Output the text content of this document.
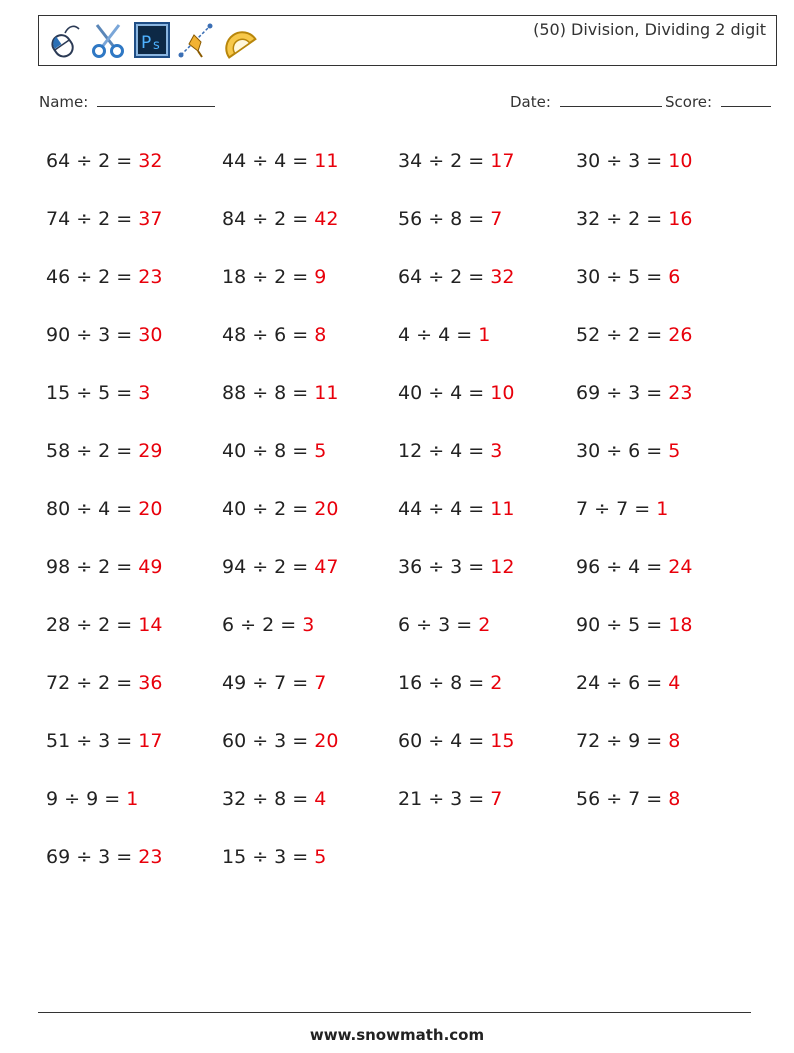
P s
(50) Division, Dividing 2 digit
Name:	Date:	Score:
64 ÷ 2 = 32	44 ÷ 4 = 11	34 ÷ 2 = 17	30 ÷ 3 = 10
74 ÷ 2 = 37	84 ÷ 2 = 42	56 ÷ 8 = 7	32 ÷ 2 = 16
46 ÷ 2 = 23	18 ÷ 2 = 9	64 ÷ 2 = 32	30 ÷ 5 = 6
90 ÷ 3 = 30	48 ÷ 6 = 8	4 ÷ 4 = 1	52 ÷ 2 = 26
15 ÷ 5 = 3	88 ÷ 8 = 11	40 ÷ 4 = 10	69 ÷ 3 = 23
58 ÷ 2 = 29	40 ÷ 8 = 5	12 ÷ 4 = 3	30 ÷ 6 = 5
80 ÷ 4 = 20	40 ÷ 2 = 20	44 ÷ 4 = 11	7 ÷ 7 = 1
98 ÷ 2 = 49	94 ÷ 2 = 47	36 ÷ 3 = 12	96 ÷ 4 = 24
28 ÷ 2 = 14	6 ÷ 2 = 3	6 ÷ 3 = 2	90 ÷ 5 = 18
72 ÷ 2 = 36	49 ÷ 7 = 7	16 ÷ 8 = 2	24 ÷ 6 = 4
51 ÷ 3 = 17	60 ÷ 3 = 20	60 ÷ 4 = 15	72 ÷ 9 = 8
9 ÷ 9 = 1	32 ÷ 8 = 4	21 ÷ 3 = 7	56 ÷ 7 = 8
69 ÷ 3 = 23	15 ÷ 3 = 5
www.snowmath.com
